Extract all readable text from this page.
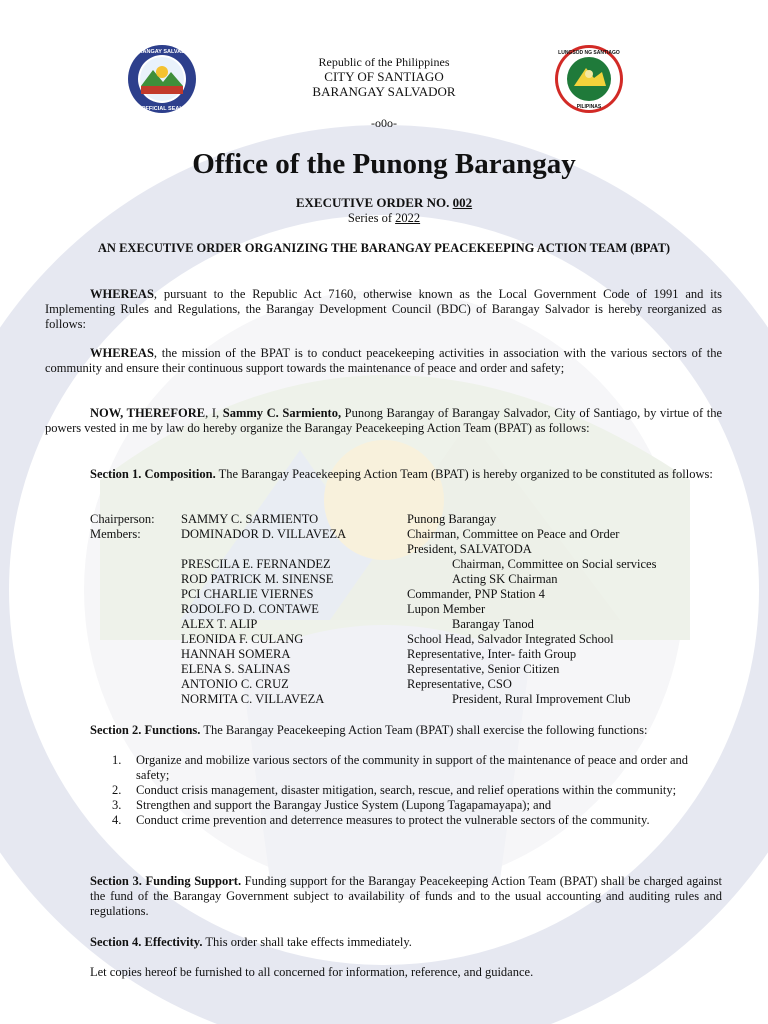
BARANGAY SALVADOR
OFFICIAL SEAL
LUNGSOD NG SANTIAGO
PILIPINAS
Republic of the Philippines
CITY OF SANTIAGO
BARANGAY SALVADOR
-o0o-
Office of the Punong Barangay
EXECUTIVE ORDER NO. 002
Series of 2022
AN EXECUTIVE ORDER ORGANIZING THE BARANGAY PEACEKEEPING ACTION TEAM (BPAT)
WHEREAS, pursuant to the Republic Act 7160, otherwise known as the Local Government Code of 1991 and its Implementing Rules and Regulations, the Barangay Development Council (BDC) of Barangay Salvador is hereby reorganized as follows:
WHEREAS, the mission of the BPAT is to conduct peacekeeping activities in association with the various sectors of the community and ensure their continuous support towards the maintenance of peace and order and safety;
NOW, THEREFORE, I, Sammy C. Sarmiento, Punong Barangay of Barangay Salvador, City of Santiago, by virtue of the powers vested in me by law do hereby organize the Barangay Peacekeeping Action Team (BPAT) as follows:
Section 1. Composition. The Barangay Peacekeeping Action Team (BPAT) is hereby organized to be constituted as follows:
Chairperson: SAMMY C. SARMIENTO	Punong Barangay
Members:	DOMINADOR D. VILLAVEZA	Chairman, Committee on Peace and Order
President, SALVATODA
PRESCILA E. FERNANDEZ	Chairman, Committee on Social services
ROD PATRICK M. SINENSE	Acting SK Chairman
PCI CHARLIE VIERNES	Commander, PNP Station 4
RODOLFO D. CONTAWE	Lupon Member
ALEX T. ALIP	Barangay Tanod
LEONIDA F. CULANG	School Head, Salvador Integrated School
HANNAH SOMERA	Representative, Inter- faith Group
ELENA S. SALINAS	Representative, Senior Citizen
ANTONIO C. CRUZ	Representative, CSO
NORMITA C. VILLAVEZA	President, Rural Improvement Club
Section 2. Functions. The Barangay Peacekeeping Action Team (BPAT) shall exercise the following functions:
1. Organize and mobilize various sectors of the community in support of the maintenance of peace and order and safety;
2. Conduct crisis management, disaster mitigation, search, rescue, and relief operations within the community;
3. Strengthen and support the Barangay Justice System (Lupong Tagapamayapa); and
4. Conduct crime prevention and deterrence measures to protect the vulnerable sectors of the community.
Section 3. Funding Support. Funding support for the Barangay Peacekeeping Action Team (BPAT) shall be charged against the fund of the Barangay Government subject to availability of funds and to the usual accounting and auditing rules and regulations.
Section 4. Effectivity. This order shall take effects immediately.
Let copies hereof be furnished to all concerned for information, reference, and guidance.
